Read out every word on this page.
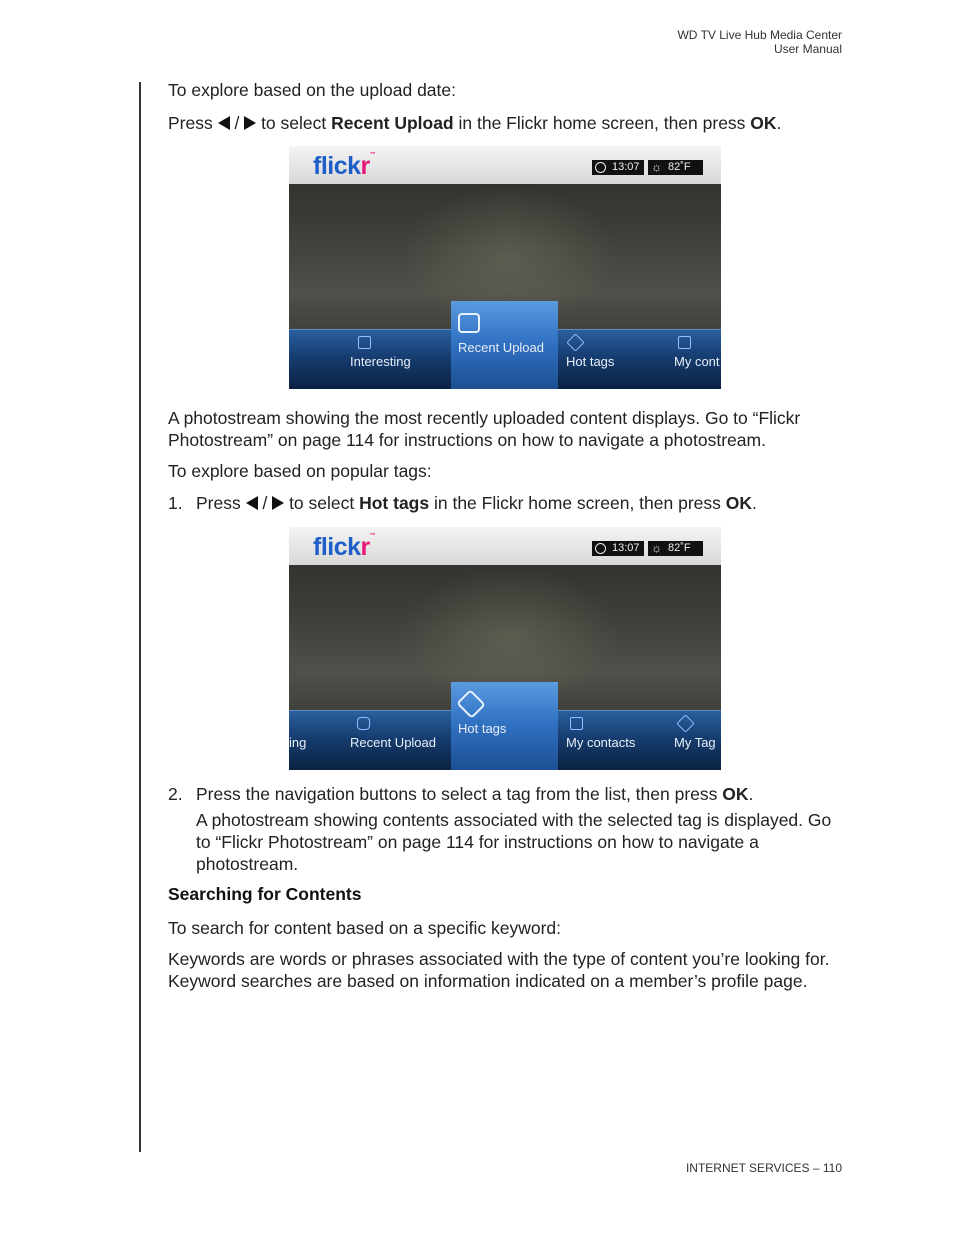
WD TV Live Hub Media Center
User Manual
To explore based on the upload date:
Press  /  to select Recent Upload in the Flickr home screen, then press OK.
flickr™
13:07 ☼ 82˚F
Recent Upload
Interesting	Hot tags	My cont
A photostream showing the most recently uploaded content displays. Go to “Flickr Photostream” on page 114 for instructions on how to navigate a photostream.
To explore based on popular tags:
1. Press  /  to select Hot tags in the Flickr home screen, then press OK.
flickr™
13:07 ☼ 82˚F
Hot tags
ing	Recent Upload	My contacts	My Tag
2. Press the navigation buttons to select a tag from the list, then press OK.
A photostream showing contents associated with the selected tag is displayed. Go to “Flickr Photostream” on page 114 for instructions on how to navigate a photostream.
Searching for Contents
To search for content based on a specific keyword:
Keywords are words or phrases associated with the type of content you’re looking for. Keyword searches are based on information indicated on a member’s profile page.
INTERNET SERVICES – 110
